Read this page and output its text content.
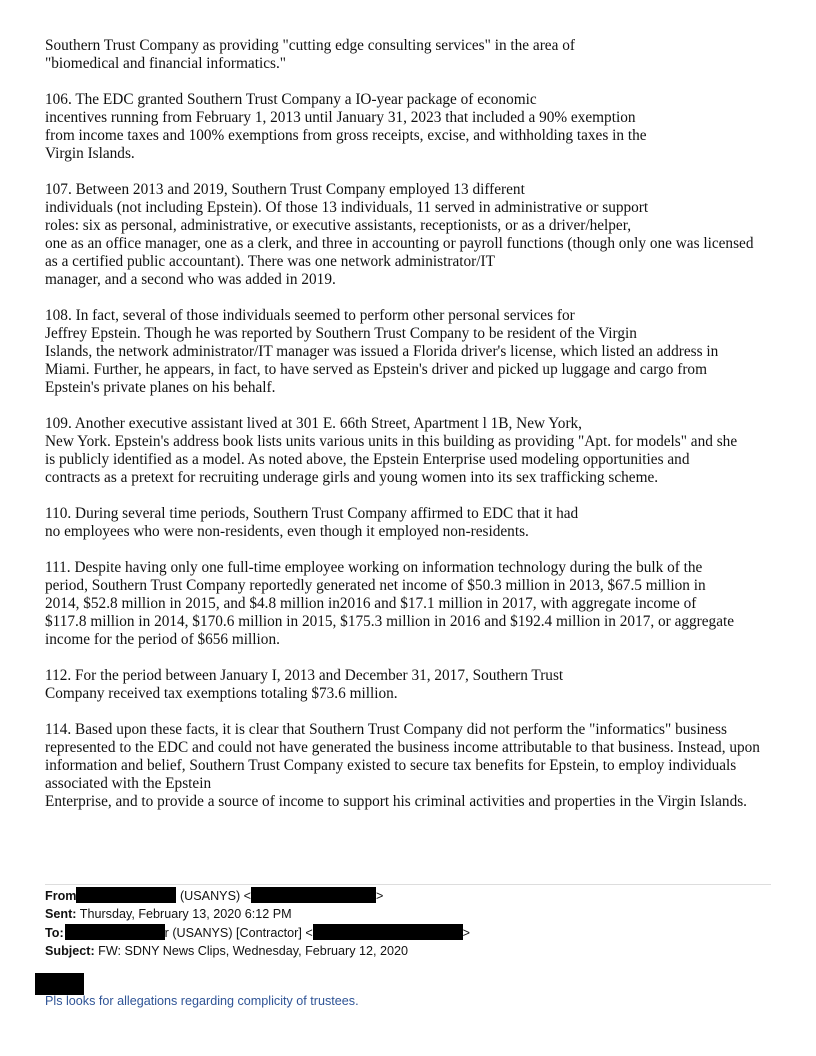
Southern Trust Company as providing "cutting edge consulting services" in the area of
"biomedical and financial informatics."

106. The EDC granted Southern Trust Company a IO-year package of economic
incentives running from February 1, 2013 until January 31, 2023 that included a 90% exemption
from income taxes and 100% exemptions from gross receipts, excise, and withholding taxes in the
Virgin Islands.

107. Between 2013 and 2019, Southern Trust Company employed 13 different
individuals (not including Epstein). Of those 13 individuals, 11 served in administrative or support
roles: six as personal, administrative, or executive assistants, receptionists, or as a driver/helper,
one as an office manager, one as a clerk, and three in accounting or payroll functions (though only one was licensed
as a certified public accountant). There was one network administrator/IT
manager, and a second who was added in 2019.

108. In fact, several of those individuals seemed to perform other personal services for
Jeffrey Epstein. Though he was reported by Southern Trust Company to be resident of the Virgin
Islands, the network administrator/IT manager was issued a Florida driver's license, which listed an address in
Miami. Further, he appears, in fact, to have served as Epstein's driver and picked up luggage and cargo from
Epstein's private planes on his behalf.

109. Another executive assistant lived at 301 E. 66th Street, Apartment l 1B, New York,
New York. Epstein's address book lists units various units in this building as providing "Apt. for models" and she
is publicly identified as a model. As noted above, the Epstein Enterprise used modeling opportunities and
contracts as a pretext for recruiting underage girls and young women into its sex trafficking scheme.

110. During several time periods, Southern Trust Company affirmed to EDC that it had
no employees who were non-residents, even though it employed non-residents.

111. Despite having only one full-time employee working on information technology during the bulk of the
period, Southern Trust Company reportedly generated net income of $50.3 million in 2013, $67.5 million in
2014, $52.8 million in 2015, and $4.8 million in2016 and $17.1 million in 2017, with aggregate income of
$117.8 million in 2014, $170.6 million in 2015, $175.3 million in 2016 and $192.4 million in 2017, or aggregate
income for the period of $656 million.

112. For the period between January I, 2013 and December 31, 2017, Southern Trust
Company received tax exemptions totaling $73.6 million.

114. Based upon these facts, it is clear that Southern Trust Company did not perform the "informatics" business
represented to the EDC and could not have generated the business income attributable to that business. Instead, upon
information and belief, Southern Trust Company existed to secure tax benefits for Epstein, to employ individuals
associated with the Epstein
Enterprise, and to provide a source of income to support his criminal activities and properties in the Virgin Islands.

From	(USANYS) <	>
Sent: Thursday, February 13, 2020 6:12 PM
To:	r (USANYS) [Contractor] <	>
Subject: FW: SDNY News Clips, Wednesday, February 12, 2020
Pls looks for allegations regarding complicity of trustees.
